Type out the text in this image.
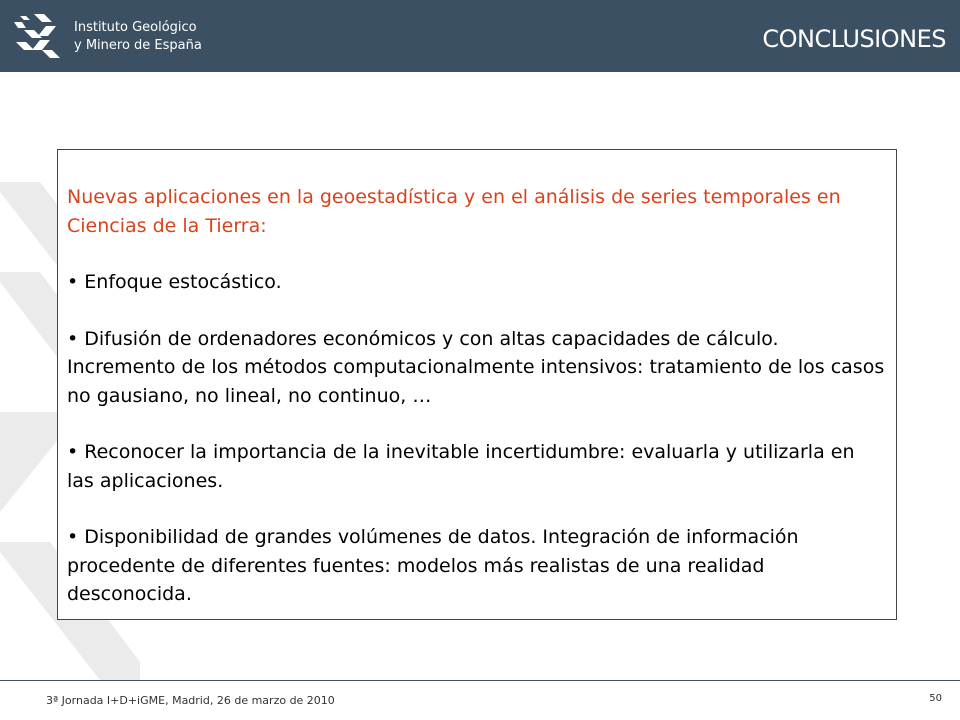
Instituto Geológico
y Minero de España	CONCLUSIONES

Nuevas aplicaciones en la geoestadística y en el análisis de series temporales en Ciencias de la Tierra:

• Enfoque estocástico.

• Difusión de ordenadores económicos y con altas capacidades de cálculo. Incremento de los métodos computacionalmente intensivos: tratamiento de los casos no gausiano, no lineal, no continuo, …

• Reconocer la importancia de la inevitable incertidumbre: evaluarla y utilizarla en las aplicaciones.

• Disponibilidad de grandes volúmenes de datos. Integración de información procedente de diferentes fuentes: modelos más realistas de una realidad desconocida.

3ª Jornada I+D+iGME, Madrid, 26 de marzo de 2010	50
